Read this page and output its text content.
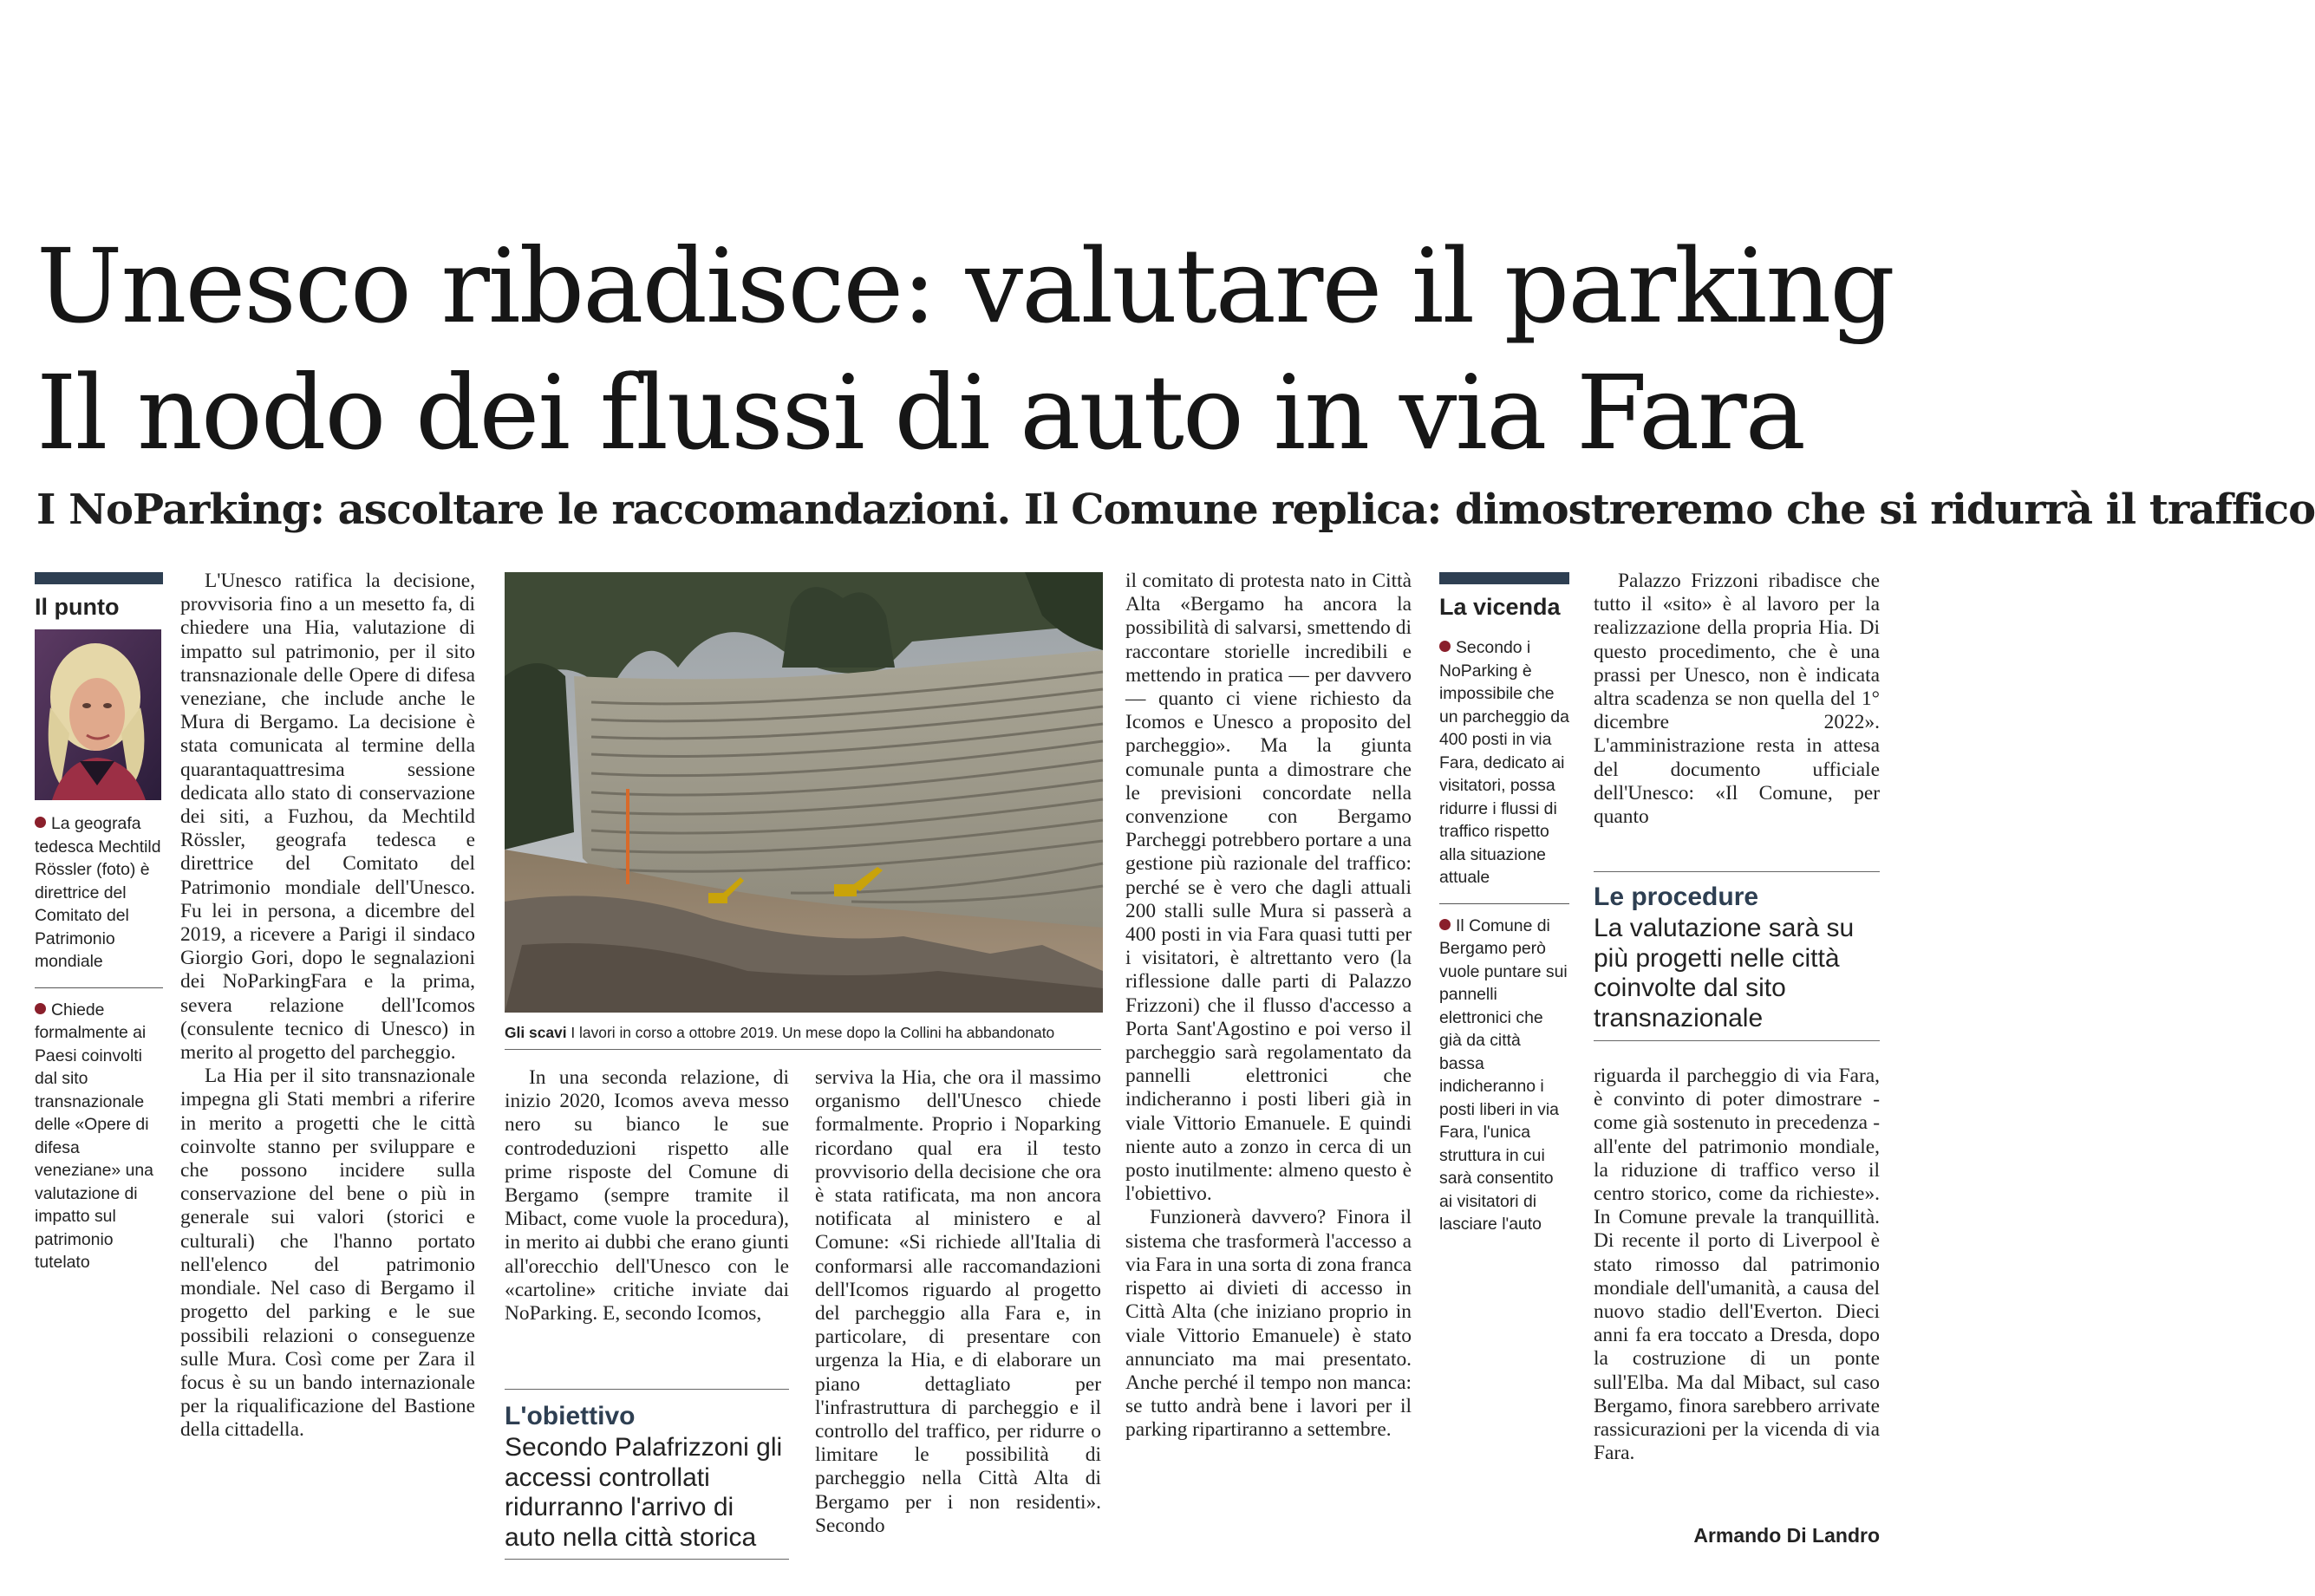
Unesco ribadisce: valutare il parking
Il nodo dei flussi di auto in via Fara
I NoParking: ascoltare le raccomandazioni. Il Comune replica: dimostreremo che si ridurrà il traffico
Il punto
La geografa tedesca Mechtild Rössler (foto) è direttrice del Comitato del Patrimonio mondiale
Chiede formalmente ai Paesi coinvolti dal sito transnazionale delle «Opere di difesa veneziane» una valutazione di impatto sul patrimonio tutelato

L'Unesco ratifica la decisione, provvisoria fino a un mesetto fa, di chiedere una Hia, valutazione di impatto sul patrimonio, per il sito transnazionale delle Opere di difesa veneziane, che include anche le Mura di Bergamo. La decisione è stata comunicata al termine della quarantaquattresima sessione dedicata allo stato di conservazione dei siti, a Fuzhou, da Mechtild Rössler, geografa tedesca e direttrice del Comitato del Patrimonio mondiale dell'Unesco. Fu lei in persona, a dicembre del 2019, a ricevere a Parigi il sindaco Giorgio Gori, dopo le segnalazioni dei NoParkingFara e la prima, severa relazione dell'Icomos (consulente tecnico di Unesco) in merito al progetto del parcheggio.

La Hia per il sito transnazionale impegna gli Stati membri a riferire in merito a progetti che le città coinvolte stanno per sviluppare e che possono incidere sulla conservazione del bene o più in generale sui valori (storici e culturali) che l'hanno portato nell'elenco del patrimonio mondiale. Nel caso di Bergamo il progetto del parking e le sue possibili relazioni o conseguenze sulle Mura. Così come per Zara il focus è su un bando internazionale per la riqualificazione del Bastione della cittadella.

Gli scavi I lavori in corso a ottobre 2019. Un mese dopo la Collini ha abbandonato

In una seconda relazione, di inizio 2020, Icomos aveva messo nero su bianco le sue controdeduzioni rispetto alle prime risposte del Comune di Bergamo (sempre tramite il Mibact, come vuole la procedura), in merito ai dubbi che erano giunti all'orecchio dell'Unesco con le «cartoline» critiche inviate dai NoParking. E, secondo Icomos,

L'obiettivo
Secondo Palafrizzoni gli accessi controllati ridurranno l'arrivo di auto nella città storica

serviva la Hia, che ora il massimo organismo dell'Unesco chiede formalmente. Proprio i Noparking ricordano qual era il testo provvisorio della decisione che ora è stata ratificata, ma non ancora notificata al ministero e al Comune: «Si richiede all'Italia di conformarsi alle raccomandazioni dell'Icomos riguardo al progetto del parcheggio alla Fara e, in particolare, di presentare con urgenza la Hia, e di elaborare un piano dettagliato per l'infrastruttura di parcheggio e il controllo del traffico, per ridurre o limitare le possibilità di parcheggio nella Città Alta di Bergamo per i non residenti». Secondo

il comitato di protesta nato in Città Alta «Bergamo ha ancora la possibilità di salvarsi, smettendo di raccontare storielle incredibili e mettendo in pratica — per davvero — quanto ci viene richiesto da Icomos e Unesco a proposito del parcheggio». Ma la giunta comunale punta a dimostrare che le previsioni concordate nella convenzione con Bergamo Parcheggi potrebbero portare a una gestione più razionale del traffico: perché se è vero che dagli attuali 200 stalli sulle Mura si passerà a 400 posti in via Fara quasi tutti per i visitatori, è altrettanto vero (la riflessione dalle parti di Palazzo Frizzoni) che il flusso d'accesso a Porta Sant'Agostino e poi verso il parcheggio sarà regolamentato da pannelli elettronici che indicheranno i posti liberi già in viale Vittorio Emanuele. E quindi niente auto a zonzo in cerca di un posto inutilmente: almeno questo è l'obiettivo.

Funzionerà davvero? Finora il sistema che trasformerà l'accesso a via Fara in una sorta di zona franca rispetto ai divieti di accesso in Città Alta (che iniziano proprio in viale Vittorio Emanuele) è stato annunciato ma mai presentato. Anche perché il tempo non manca: se tutto andrà bene i lavori per il parking ripartiranno a settembre.

La vicenda
Secondo i NoParking è impossibile che un parcheggio da 400 posti in via Fara, dedicato ai visitatori, possa ridurre i flussi di traffico rispetto alla situazione attuale
Il Comune di Bergamo però vuole puntare sui pannelli elettronici che già da città bassa indicheranno i posti liberi in via Fara, l'unica struttura in cui sarà consentito ai visitatori di lasciare l'auto

Palazzo Frizzoni ribadisce che tutto il «sito» è al lavoro per la realizzazione della propria Hia. Di questo procedimento, che è una prassi per Unesco, non è indicata altra scadenza se non quella del 1° dicembre 2022». L'amministrazione resta in attesa del documento ufficiale dell'Unesco: «Il Comune, per quanto

Le procedure
La valutazione sarà su più progetti nelle città coinvolte dal sito transnazionale

riguarda il parcheggio di via Fara, è convinto di poter dimostrare - come già sostenuto in precedenza - all'ente del patrimonio mondiale, la riduzione di traffico verso il centro storico, come da richieste». In Comune prevale la tranquillità. Di recente il porto di Liverpool è stato rimosso dal patrimonio mondiale dell'umanità, a causa del nuovo stadio dell'Everton. Dieci anni fa era toccato a Dresda, dopo la costruzione di un ponte sull'Elba. Ma dal Mibact, sul caso Bergamo, finora sarebbero arrivate rassicurazioni per la vicenda di via Fara.

Armando Di Landro
